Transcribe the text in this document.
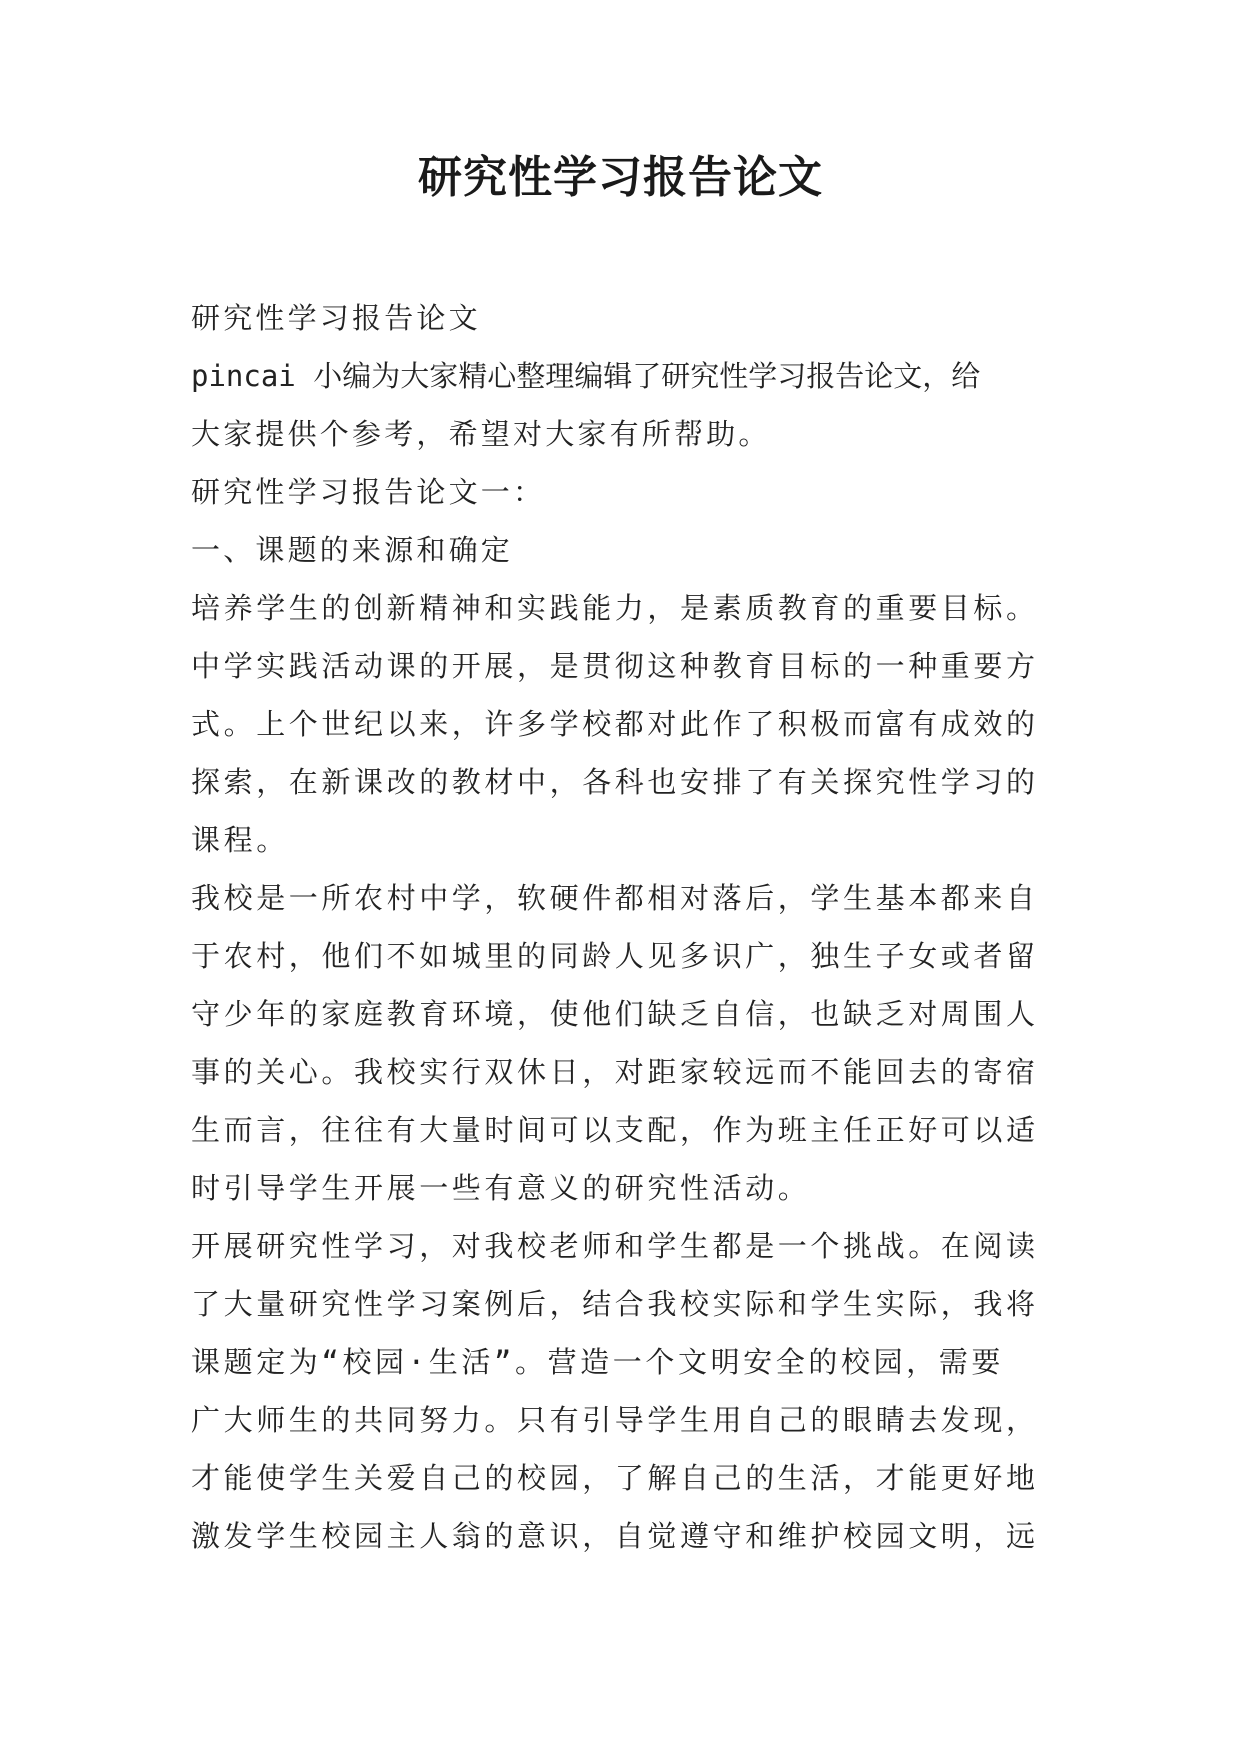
研究性学习报告论文
研究性学习报告论文
pincai 小编为大家精心整理编辑了研究性学习报告论文，给
大家提供个参考，希望对大家有所帮助。
研究性学习报告论文一：
一、课题的来源和确定
培养学生的创新精神和实践能力，是素质教育的重要目标。
中学实践活动课的开展，是贯彻这种教育目标的一种重要方
式。上个世纪以来，许多学校都对此作了积极而富有成效的
探索，在新课改的教材中，各科也安排了有关探究性学习的
课程。
我校是一所农村中学，软硬件都相对落后，学生基本都来自
于农村，他们不如城里的同龄人见多识广，独生子女或者留
守少年的家庭教育环境，使他们缺乏自信，也缺乏对周围人
事的关心。我校实行双休日，对距家较远而不能回去的寄宿
生而言，往往有大量时间可以支配，作为班主任正好可以适
时引导学生开展一些有意义的研究性活动。
开展研究性学习，对我校老师和学生都是一个挑战。在阅读
了大量研究性学习案例后，结合我校实际和学生实际，我将
课题定为“校园·生活”。营造一个文明安全的校园，需要
广大师生的共同努力。只有引导学生用自己的眼睛去发现，
才能使学生关爱自己的校园，了解自己的生活，才能更好地
激发学生校园主人翁的意识，自觉遵守和维护校园文明，远
